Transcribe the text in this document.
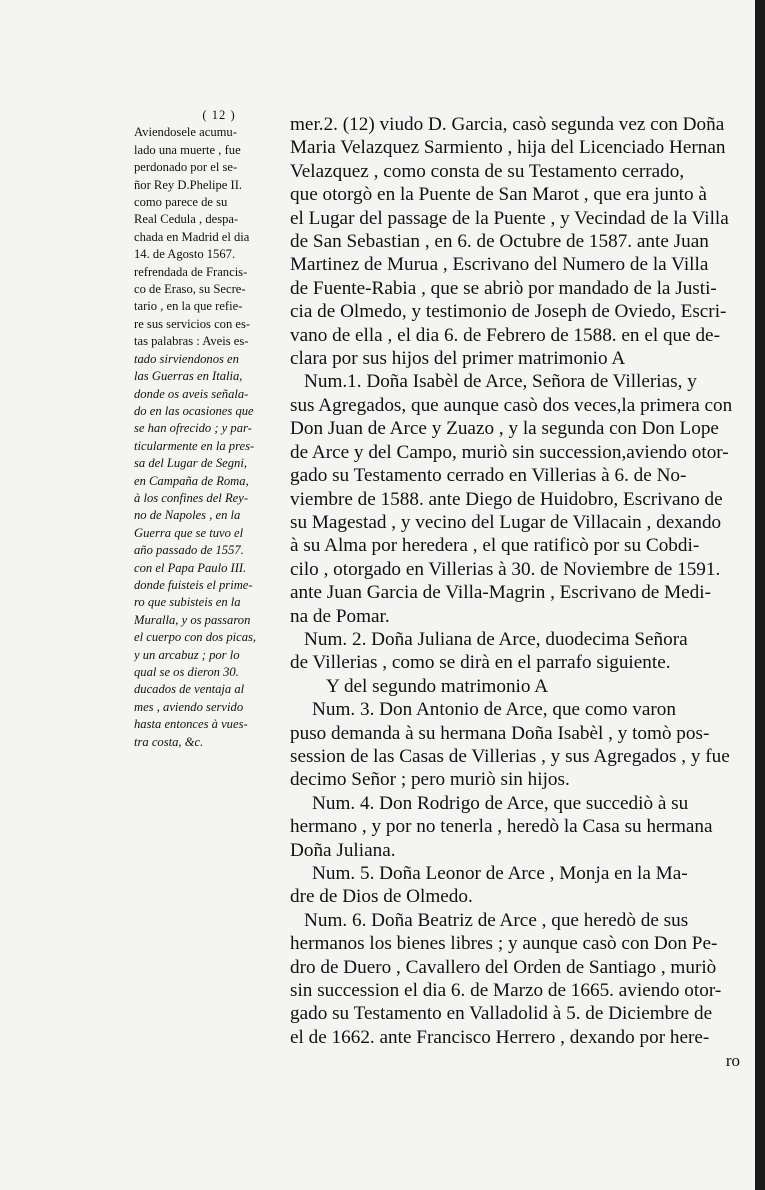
( 12 )
Aviendosele acumu-
lado una muerte , fue
perdonado por el se-
ñor Rey D.Phelipe II.
como parece de su
Real Cedula , despa-
chada en Madrid el dia
14. de Agosto 1567.
refrendada de Francis-
co de Eraso, su Secre-
tario , en la que refie-
re sus servicios con es-
tas palabras : Aveis es-
tado sirviendonos en
las Guerras en Italia,
donde os aveis señala-
do en las ocasiones que
se han ofrecido ; y par-
ticularmente en la pres-
sa del Lugar de Segni,
en Campaña de Roma,
à los confines del Rey-
no de Napoles , en la
Guerra que se tuvo el
año passado de 1557.
con el Papa Paulo III.
donde fuisteis el prime-
ro que subisteis en la
Muralla, y os passaron
el cuerpo con dos picas,
y un arcabuz ; por lo
qual se os dieron 30.
ducados de ventaja al
mes , aviendo servido
hasta entonces à vues-
tra costa, &c.
mer.2. (12) viudo D. Garcia, casò segunda vez con Doña
Maria Velazquez Sarmiento , hija del Licenciado Hernan
Velazquez , como consta de su Testamento cerrado,
que otorgò en la Puente de San Marot , que era junto à
el Lugar del passage de la Puente , y Vecindad de la Villa
de San Sebastian , en 6. de Octubre de 1587. ante Juan
Martinez de Murua , Escrivano del Numero de la Villa
de Fuente-Rabia , que se abriò por mandado de la Justi-
cia de Olmedo, y testimonio de Joseph de Oviedo, Escri-
vano de ella , el dia 6. de Febrero de 1588. en el que de-
clara por sus hijos del primer matrimonio A
Num.1. Doña Isabèl de Arce, Señora de Villerias, y
sus Agregados, que aunque casò dos veces,la primera con
Don Juan de Arce y Zuazo , y la segunda con Don Lope
de Arce y del Campo, muriò sin succession,aviendo otor-
gado su Testamento cerrado en Villerias à 6. de No-
viembre de 1588. ante Diego de Huidobro, Escrivano de
su Magestad , y vecino del Lugar de Villacain , dexando
à su Alma por heredera , el que ratificò por su Cobdi-
cilo , otorgado en Villerias à 30. de Noviembre de 1591.
ante Juan Garcia de Villa-Magrin , Escrivano de Medi-
na de Pomar.
Num. 2. Doña Juliana de Arce, duodecima Señora
de Villerias , como se dirà en el parrafo siguiente.
Y del segundo matrimonio A
Num. 3. Don Antonio de Arce, que como varon
puso demanda à su hermana Doña Isabèl , y tomò pos-
session de las Casas de Villerias , y sus Agregados , y fue
decimo Señor ; pero muriò sin hijos.
Num. 4. Don Rodrigo de Arce, que succediò à su
hermano , y por no tenerla , heredò la Casa su hermana
Doña Juliana.
Num. 5. Doña Leonor de Arce , Monja en la Ma-
dre de Dios de Olmedo.
Num. 6. Doña Beatriz de Arce , que heredò de sus
hermanos los bienes libres ; y aunque casò con Don Pe-
dro de Duero , Cavallero del Orden de Santiago , muriò
sin succession el dia 6. de Marzo de 1665. aviendo otor-
gado su Testamento en Valladolid à 5. de Diciembre de
el de 1662. ante Francisco Herrero , dexando por here-
ro
